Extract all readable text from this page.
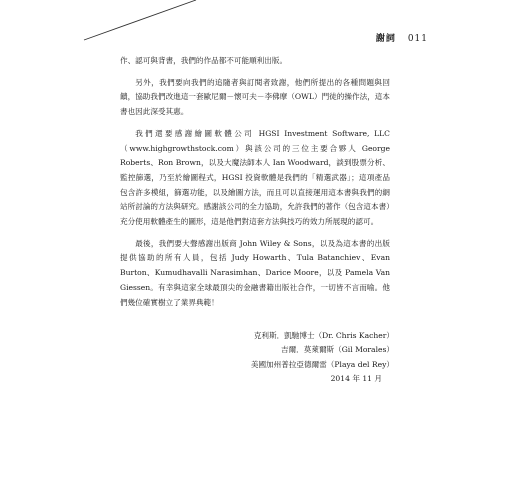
謝詞 011

作、認可與背書，我們的作品都不可能順利出版。

另外，我們要向我們的追隨者與訂閱者致謝，他們所提出的各種問題與回饋，協助我們改進這一套歐尼爾－懷可夫－李佛摩（OWL）門徒的操作法，這本書也因此深受其惠。

我們還要感謝繪圖軟體公司 HGSI Investment Software, LLC（www.highgrowthstock.com）與該公司的三位主要合夥人 George Roberts、Ron Brown，以及大魔法師本人 Ian Woodward，談到股票分析、監控篩選，乃至於繪圖程式，HGSI 投資軟體是我們的「精選武器」；這項產品包含許多模組，篩選功能，以及繪圖方法，而且可以直接運用這本書與我們的網站所討論的方法與研究。感謝該公司的全力協助，允許我們的著作（包含這本書）充分使用軟體產生的圖形，這是他們對這套方法與技巧的效力所展現的認可。

最後，我們要大聲感謝出版商 John Wiley & Sons，以及為這本書的出版提供協助的所有人員，包括 Judy Howarth、Tula Batanchiev、Evan Burton、Kumudhavalli Narasimhan、Darice Moore，以及 Pamela Van Giessen。有幸與這家全球最頂尖的金融書籍出版社合作，一切皆不言而喻。他們幾位確實樹立了業界典範！

克利斯．凱馳博士（Dr. Chris Kacher）
吉爾．莫萊爾斯（Gil Morales）
美國加州普拉亞德爾雷（Playa del Rey）
2014 年 11 月
